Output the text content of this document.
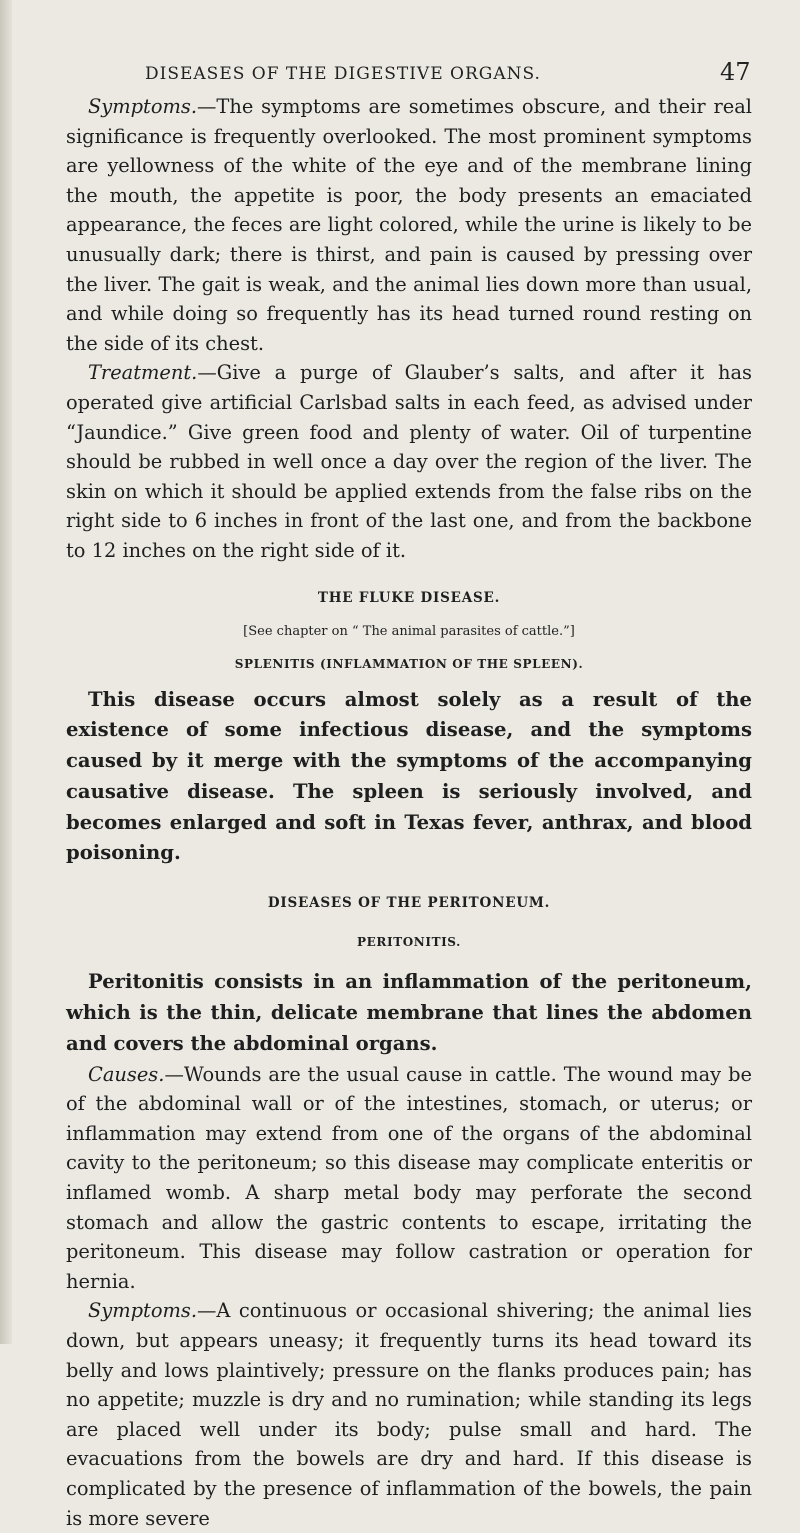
DISEASES OF THE DIGESTIVE ORGANS.	47

Symptoms.—The symptoms are sometimes obscure, and their real significance is frequently overlooked. The most prominent symptoms are yellowness of the white of the eye and of the membrane lining the mouth, the appetite is poor, the body presents an emaciated appearance, the feces are light colored, while the urine is likely to be unusually dark; there is thirst, and pain is caused by pressing over the liver. The gait is weak, and the animal lies down more than usual, and while doing so frequently has its head turned round resting on the side of its chest.

Treatment.—Give a purge of Glauber’s salts, and after it has operated give artificial Carlsbad salts in each feed, as advised under “Jaundice.” Give green food and plenty of water. Oil of turpentine should be rubbed in well once a day over the region of the liver. The skin on which it should be applied extends from the false ribs on the right side to 6 inches in front of the last one, and from the backbone to 12 inches on the right side of it.

THE FLUKE DISEASE.
[See chapter on “ The animal parasites of cattle.”]
SPLENITIS (INFLAMMATION OF THE SPLEEN).

This disease occurs almost solely as a result of the existence of some infectious disease, and the symptoms caused by it merge with the symptoms of the accompanying causative disease. The spleen is seriously involved, and becomes enlarged and soft in Texas fever, anthrax, and blood poisoning.

DISEASES OF THE PERITONEUM.
PERITONITIS.

Peritonitis consists in an inflammation of the peritoneum, which is the thin, delicate membrane that lines the abdomen and covers the abdominal organs.

Causes.—Wounds are the usual cause in cattle. The wound may be of the abdominal wall or of the intestines, stomach, or uterus; or inflammation may extend from one of the organs of the abdominal cavity to the peritoneum; so this disease may complicate enteritis or inflamed womb. A sharp metal body may perforate the second stomach and allow the gastric contents to escape, irritating the peritoneum. This disease may follow castration or operation for hernia.

Symptoms.—A continuous or occasional shivering; the animal lies down, but appears uneasy; it frequently turns its head toward its belly and lows plaintively; pressure on the flanks produces pain; has no appetite; muzzle is dry and no rumination; while standing its legs are placed well under its body; pulse small and hard. The evacuations from the bowels are dry and hard. If this disease is complicated by the presence of inflammation of the bowels, the pain is more severe
